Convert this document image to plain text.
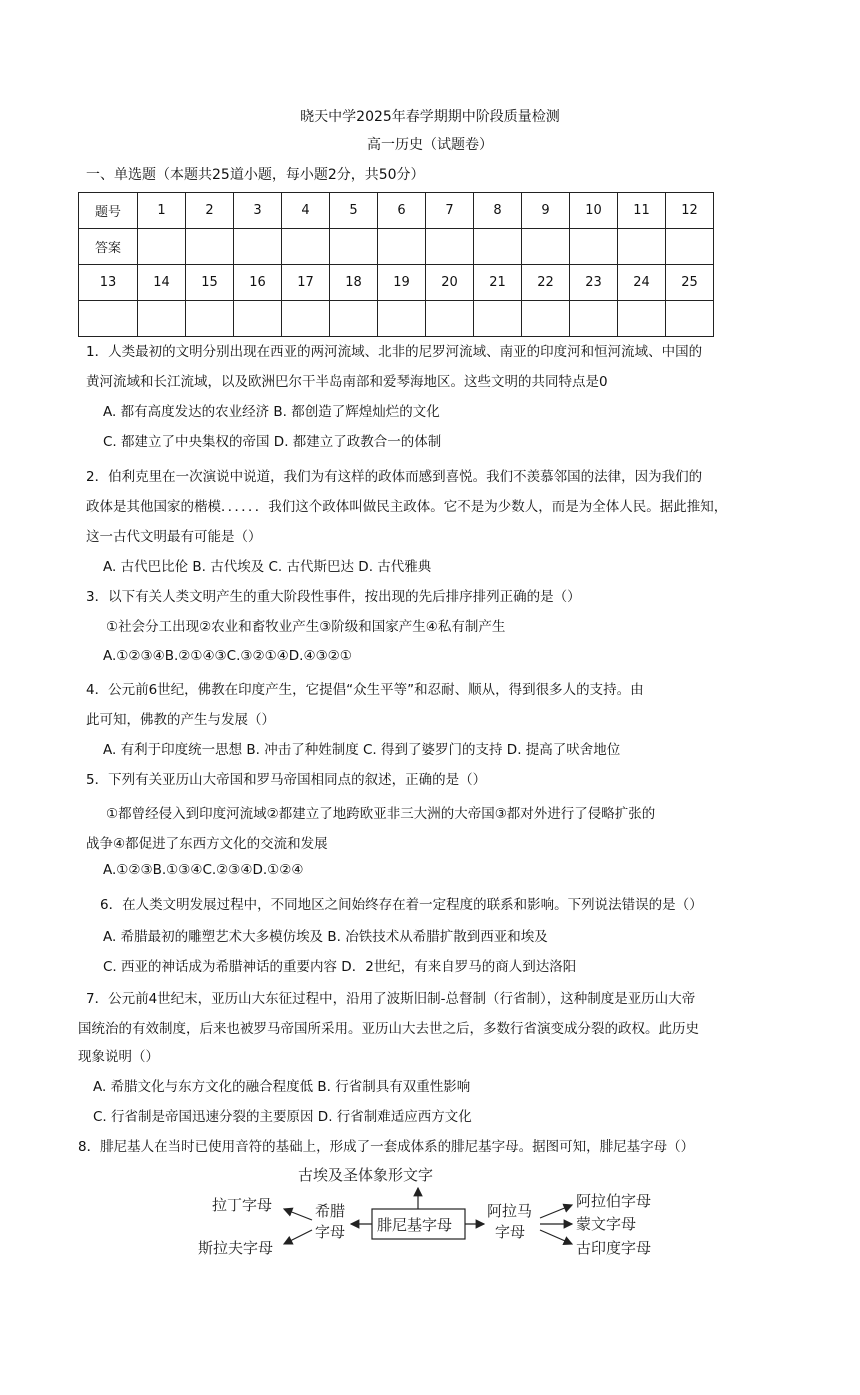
晓天中学2025年春学期期中阶段质量检测
高一历史（试题卷）
一、单选题（本题共25道小题，每小题2分，共50分）
题号	1	2	3	4	5	6	7	8	9	10	11	12
答案												
13	14	15	16	17	18	19	20	21	22	23	24	25

1．人类最初的文明分别出现在西亚的两河流域、北非的尼罗河流域、南亚的印度河和恒河流域、中国的
黄河流域和长江流域，以及欧洲巴尔干半岛南部和爱琴海地区。这些文明的共同特点是0
A. 都有高度发达的农业经济 B. 都创造了辉煌灿烂的文化
C. 都建立了中央集权的帝国 D. 都建立了政教合一的体制
2．伯利克里在一次演说中说道，我们为有这样的政体而感到喜悦。我们不羡慕邻国的法律，因为我们的
政体是其他国家的楷模．．．．．．我们这个政体叫做民主政体。它不是为少数人，而是为全体人民。据此推知，
这一古代文明最有可能是（）
A. 古代巴比伦 B. 古代埃及 C. 古代斯巴达 D. 古代雅典
3．以下有关人类文明产生的重大阶段性事件，按出现的先后排序排列正确的是（）
①社会分工出现②农业和畜牧业产生③阶级和国家产生④私有制产生
A.①②③④B.②①④③C.③②①④D.④③②①
4．公元前6世纪，佛教在印度产生，它提倡“众生平等”和忍耐、顺从，得到很多人的支持。由
此可知，佛教的产生与发展（）
A. 有利于印度统一思想 B. 冲击了种姓制度 C. 得到了婆罗门的支持 D. 提高了吠舍地位
5．下列有关亚历山大帝国和罗马帝国相同点的叙述，正确的是（）
①都曾经侵入到印度河流域②都建立了地跨欧亚非三大洲的大帝国③都对外进行了侵略扩张的
战争④都促进了东西方文化的交流和发展
A.①②③B.①③④C.②③④D.①②④
6．在人类文明发展过程中，不同地区之间始终存在着一定程度的联系和影响。下列说法错误的是（）
A. 希腊最初的雕塑艺术大多模仿埃及 B. 冶铁技术从希腊扩散到西亚和埃及
C. 西亚的神话成为希腊神话的重要内容 D．2世纪，有来自罗马的商人到达洛阳
7．公元前4世纪末，亚历山大东征过程中，沿用了波斯旧制-总督制（行省制），这种制度是亚历山大帝
国统治的有效制度，后来也被罗马帝国所采用。亚历山大去世之后，多数行省演变成分裂的政权。此历史
现象说明（）
A. 希腊文化与东方文化的融合程度低 B. 行省制具有双重性影响
C. 行省制是帝国迅速分裂的主要原因 D. 行省制难适应西方文化
8．腓尼基人在当时已使用音符的基础上，形成了一套成体系的腓尼基字母。据图可知，腓尼基字母（）
古埃及圣体象形文字
腓尼基字母
希腊
字母
拉丁字母
斯拉夫字母
阿拉马
字母
阿拉伯字母
蒙文字母
古印度字母
